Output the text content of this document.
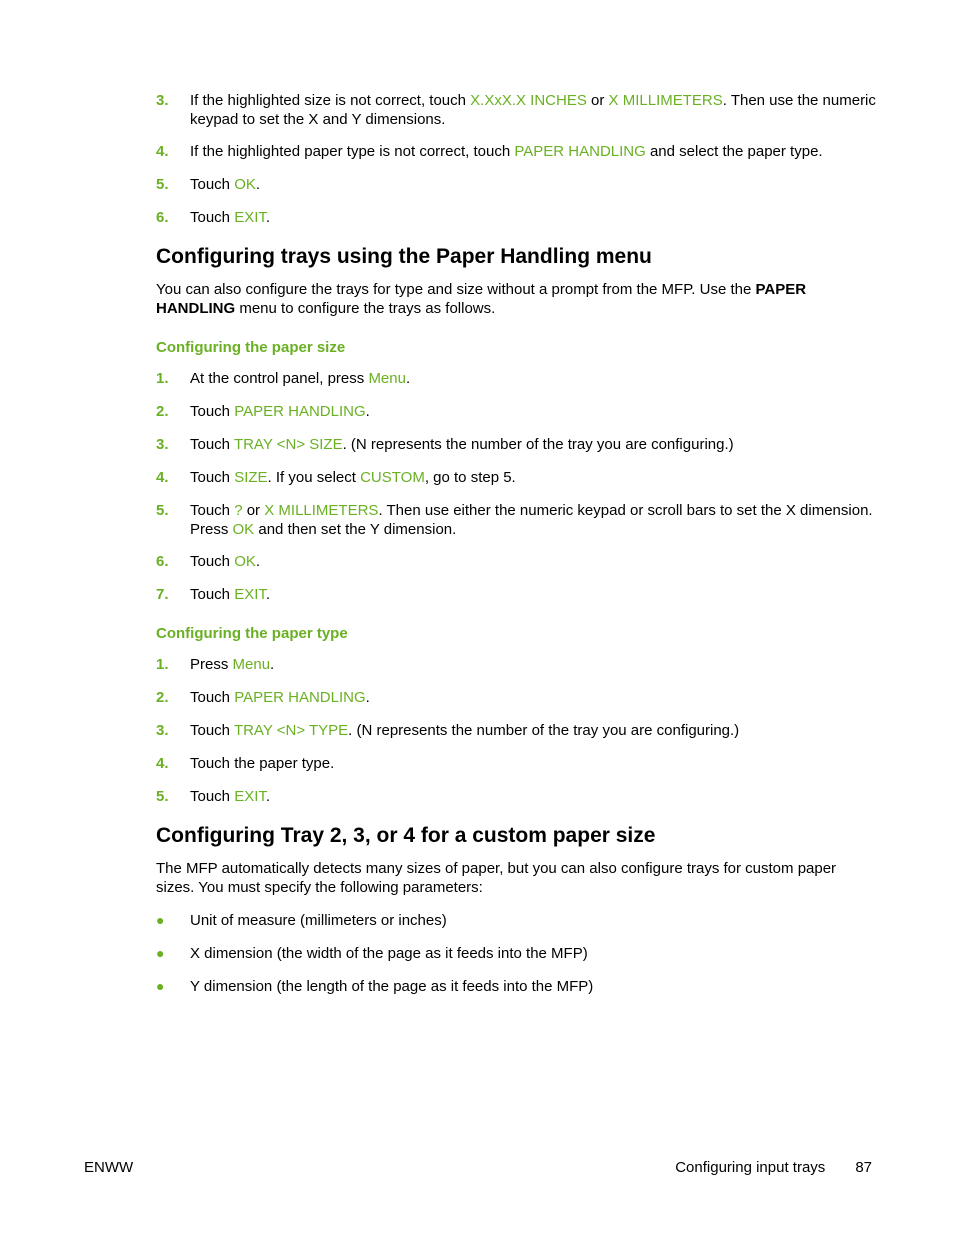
3.	If the highlighted size is not correct, touch X.XxX.X INCHES or X MILLIMETERS. Then use the numeric keypad to set the X and Y dimensions.
4.	If the highlighted paper type is not correct, touch PAPER HANDLING and select the paper type.
5.	Touch OK.
6.	Touch EXIT.
Configuring trays using the Paper Handling menu

You can also configure the trays for type and size without a prompt from the MFP. Use the PAPER HANDLING menu to configure the trays as follows.

Configuring the paper size
1.	At the control panel, press Menu.
2.	Touch PAPER HANDLING.
3.	Touch TRAY <N> SIZE. (N represents the number of the tray you are configuring.)
4.	Touch SIZE. If you select CUSTOM, go to step 5.
5.	Touch ? or X MILLIMETERS. Then use either the numeric keypad or scroll bars to set the X dimension. Press OK and then set the Y dimension.
6.	Touch OK.
7.	Touch EXIT.
Configuring the paper type
1.	Press Menu.
2.	Touch PAPER HANDLING.
3.	Touch TRAY <N> TYPE. (N represents the number of the tray you are configuring.)
4.	Touch the paper type.
5.	Touch EXIT.
Configuring Tray 2, 3, or 4 for a custom paper size

The MFP automatically detects many sizes of paper, but you can also configure trays for custom paper sizes. You must specify the following parameters:

●	Unit of measure (millimeters or inches)
●	X dimension (the width of the page as it feeds into the MFP)
●	Y dimension (the length of the page as it feeds into the MFP)
ENWW	Configuring input trays 87
